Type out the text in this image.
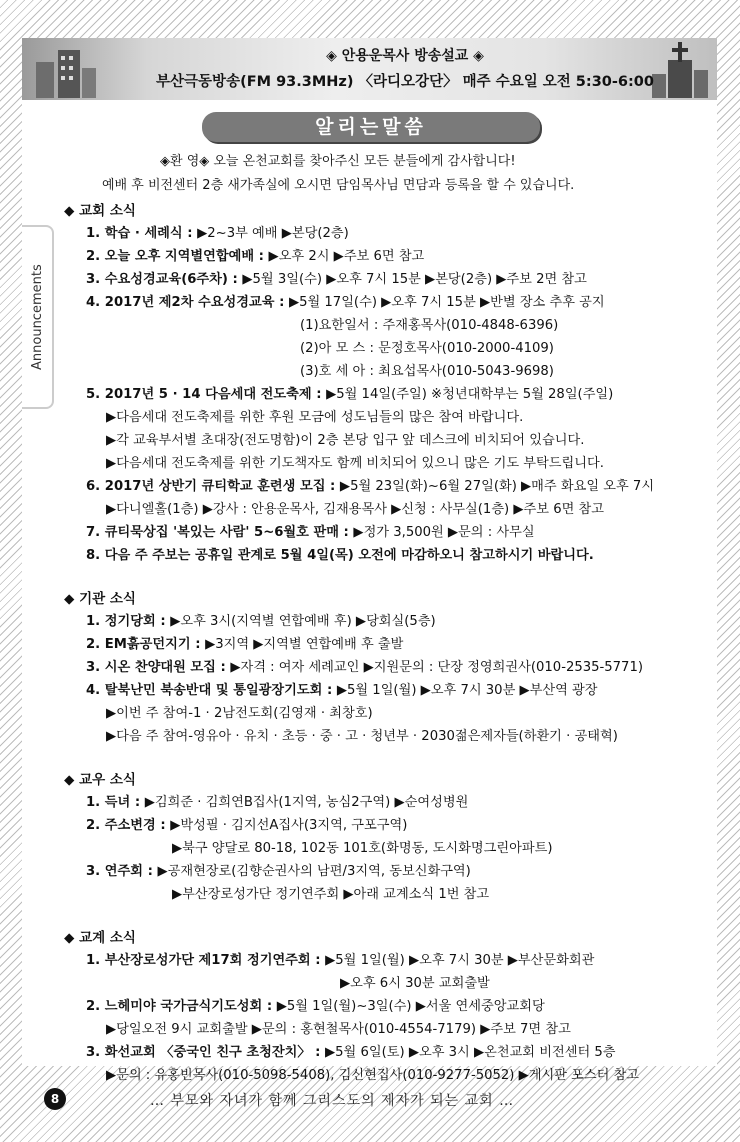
◈ 안용운목사 방송설교 ◈
부산극동방송(FM 93.3MHz) 〈라디오강단〉 매주 수요일 오전 5:30-6:00
알리는말씀
◈환 영◈ 오늘 온천교회를 찾아주신 모든 분들에게 감사합니다!
예배 후 비전센터 2층 새가족실에 오시면 담임목사님 면담과 등록을 할 수 있습니다.
Announcements
◆ 교회 소식
1. 학습 · 세례식 : ▶2~3부 예배 ▶본당(2층)
2. 오늘 오후 지역별연합예배 : ▶오후 2시 ▶주보 6면 참고
3. 수요성경교육(6주차) : ▶5월 3일(수) ▶오후 7시 15분 ▶본당(2층) ▶주보 2면 참고
4. 2017년 제2차 수요성경교육 : ▶5월 17일(수) ▶오후 7시 15분 ▶반별 장소 추후 공지
(1)요한일서 : 주재홍목사(010-4848-6396)
(2)아 모 스 : 문정호목사(010-2000-4109)
(3)호 세 아 : 최요섭목사(010-5043-9698)
5. 2017년 5 · 14 다음세대 전도축제 : ▶5월 14일(주일) ※청년대학부는 5월 28일(주일)
▶다음세대 전도축제를 위한 후원 모금에 성도님들의 많은 참여 바랍니다.
▶각 교육부서별 초대장(전도명함)이 2층 본당 입구 앞 데스크에 비치되어 있습니다.
▶다음세대 전도축제를 위한 기도책자도 함께 비치되어 있으니 많은 기도 부탁드립니다.
6. 2017년 상반기 큐티학교 훈련생 모집 : ▶5월 23일(화)~6월 27일(화) ▶매주 화요일 오후 7시
▶다니엘홀(1층) ▶강사 : 안용운목사, 김재용목사 ▶신청 : 사무실(1층) ▶주보 6면 참고
7. 큐티묵상집 '복있는 사람' 5~6월호 판매 : ▶정가 3,500원 ▶문의 : 사무실
8. 다음 주 주보는 공휴일 관계로 5월 4일(목) 오전에 마감하오니 참고하시기 바랍니다.
◆ 기관 소식
1. 정기당회 : ▶오후 3시(지역별 연합예배 후) ▶당회실(5층)
2. EM흙공던지기 : ▶3지역 ▶지역별 연합예배 후 출발
3. 시온 찬양대원 모집 : ▶자격 : 여자 세례교인 ▶지원문의 : 단장 정영희권사(010-2535-5771)
4. 탈북난민 북송반대 및 통일광장기도회 : ▶5월 1일(월) ▶오후 7시 30분 ▶부산역 광장
▶이번 주 참여-1 · 2남전도회(김영재 · 최창호)
▶다음 주 참여-영유아 · 유치 · 초등 · 중 · 고 · 청년부 · 2030젊은제자들(하환기 · 공태혁)
◆ 교우 소식
1. 득녀 : ▶김희준 · 김희연B집사(1지역, 농심2구역) ▶순여성병원
2. 주소변경 : ▶박성필 · 김지선A집사(3지역, 구포구역)
▶북구 양달로 80-18, 102동 101호(화명동, 도시화명그린아파트)
3. 연주회 : ▶공재현장로(김향순권사의 남편/3지역, 동보신화구역)
▶부산장로성가단 정기연주회 ▶아래 교계소식 1번 참고
◆ 교계 소식
1. 부산장로성가단 제17회 정기연주회 : ▶5월 1일(월) ▶오후 7시 30분 ▶부산문화회관
▶오후 6시 30분 교회출발
2. 느헤미야 국가금식기도성회 : ▶5월 1일(월)~3일(수) ▶서울 연세중앙교회당
▶당일오전 9시 교회출발 ▶문의 : 홍현철목사(010-4554-7179) ▶주보 7면 참고
3. 화선교회 〈중국인 친구 초청잔치〉 : ▶5월 6일(토) ▶오후 3시 ▶온천교회 비전센터 5층
▶문의 : 유홍빈목사(010-5098-5408), 김신현집사(010-9277-5052) ▶게시판 포스터 참고
8	… 부모와 자녀가 함께 그리스도의 제자가 되는 교회 …
